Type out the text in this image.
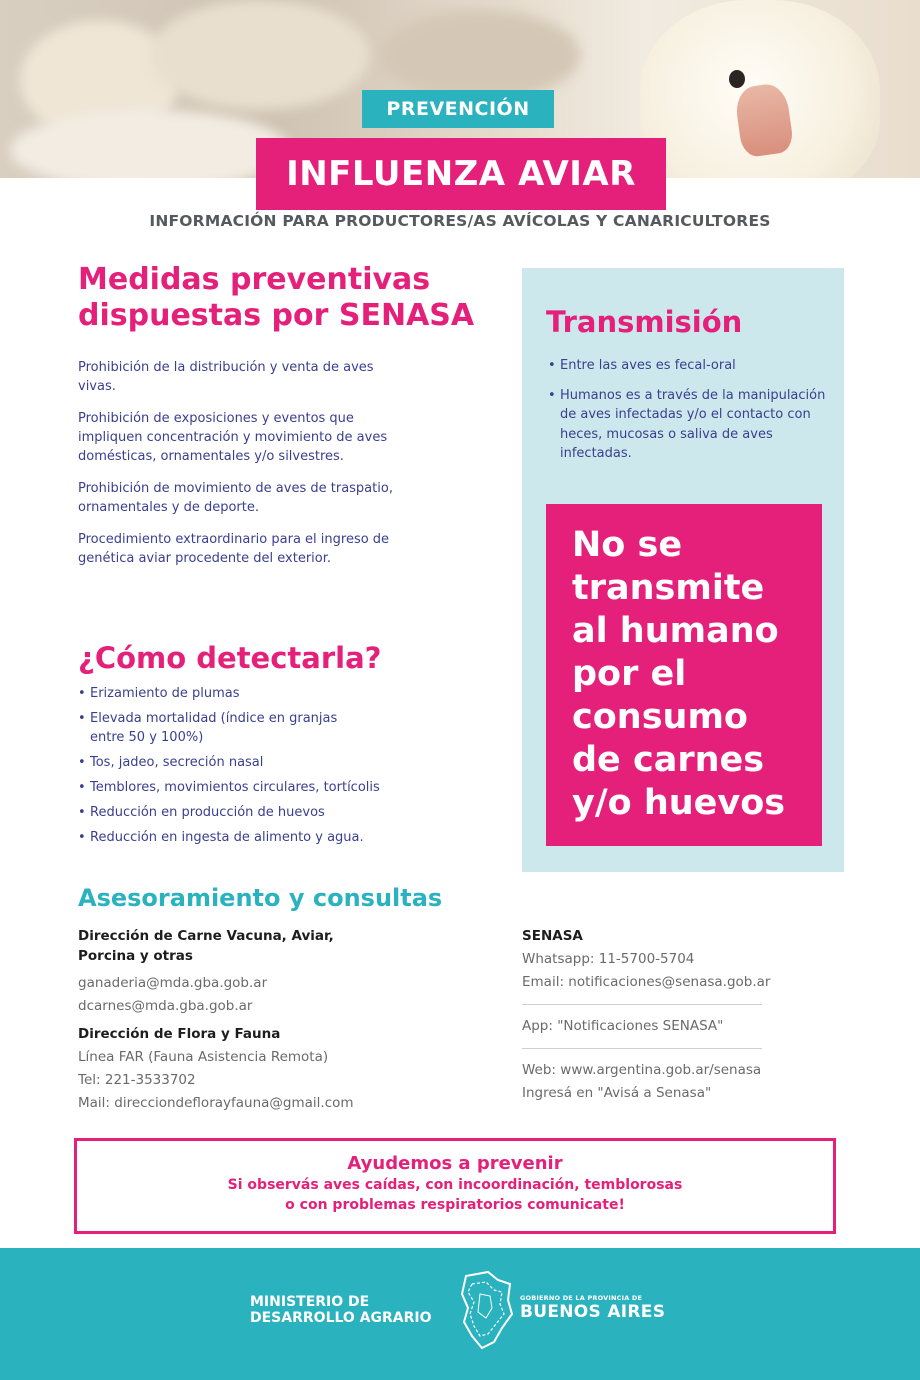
PREVENCIÓN
INFLUENZA AVIAR
INFORMACIÓN PARA PRODUCTORES/AS AVÍCOLAS Y CANARICULTORES
Medidas preventivas
dispuestas por SENASA

Prohibición de la distribución y venta de aves vivas.

Prohibición de exposiciones y eventos que impliquen concentración y movimiento de aves domésticas, ornamentales y/o silvestres.

Prohibición de movimiento de aves de traspatio, ornamentales y de deporte.

Procedimiento extraordinario para el ingreso de genética aviar procedente del exterior.

¿Cómo detectarla?
• Erizamiento de plumas
• Elevada mortalidad (índice en granjas entre 50 y 100%)
• Tos, jadeo, secreción nasal
• Temblores, movimientos circulares, tortícolis
• Reducción en producción de huevos
• Reducción en ingesta de alimento y agua.
Transmisión
• Entre las aves es fecal-oral
• Humanos es a través de la manipulación de aves infectadas y/o el contacto con heces, mucosas o saliva de aves infectadas.
No se
transmite
al humano
por el
consumo
de carnes
y/o huevos
Asesoramiento y consultas
Dirección de Carne Vacuna, Aviar,
Porcina y otras
ganaderia@mda.gba.gob.ar
dcarnes@mda.gba.gob.ar
Dirección de Flora y Fauna
Línea FAR (Fauna Asistencia Remota)
Tel: 221-3533702
Mail: direcciondeflorayfauna@gmail.com
SENASA
Whatsapp: 11-5700-5704
Email: notificaciones@senasa.gob.ar
App: "Notificaciones SENASA"
Web: www.argentina.gob.ar/senasa
Ingresá en "Avisá a Senasa"
Ayudemos a prevenir
Si observás aves caídas, con incoordinación, temblorosas
o con problemas respiratorios comunicate!
MINISTERIO DE
DESARROLLO AGRARIO
GOBIERNO DE LA PROVINCIA DE
BUENOS AIRES
